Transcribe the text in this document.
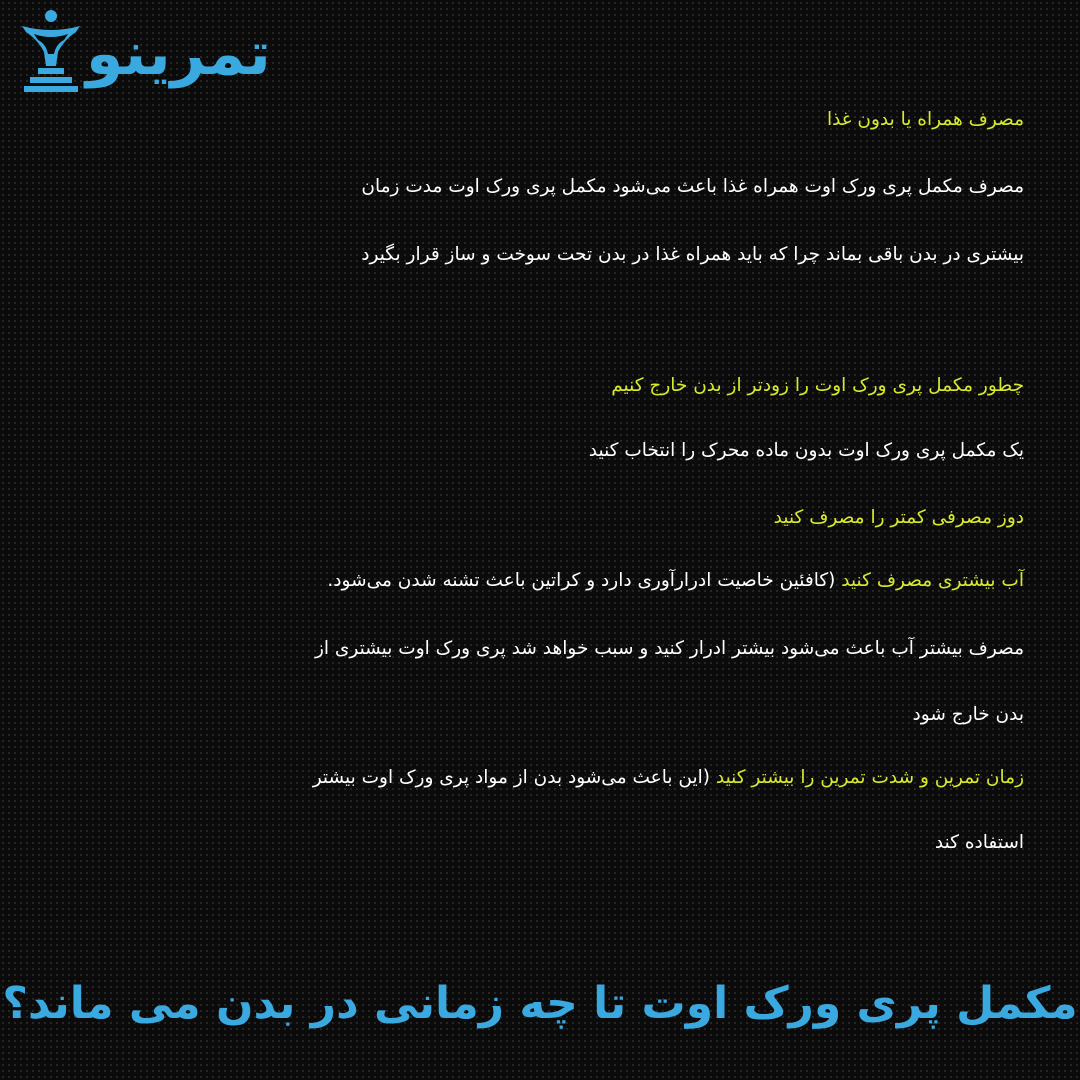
تمرینو
مصرف همراه یا بدون غذا
مصرف مکمل پری ورک اوت همراه غذا باعث می‌شود مکمل پری ورک اوت مدت زمان
بیشتری در بدن باقی بماند چرا که باید همراه غذا در بدن تحت سوخت و ساز قرار بگیرد
چطور مکمل پری ورک اوت را زودتر از بدن خارج کنیم
یک مکمل پری ورک اوت بدون ماده محرک را انتخاب کنید
دوز مصرفی کمتر را مصرف کنید
آب بیشتری مصرف کنید (کافئین خاصیت ادرارآوری دارد و کراتین باعث تشنه شدن می‌شود.
مصرف بیشتر آب باعث می‌شود بیشتر ادرار کنید و سبب خواهد شد پری ورک اوت بیشتری از
بدن خارج شود
زمان تمرین و شدت تمرین را بیشتر کنید (این باعث می‌شود بدن از مواد پری ورک اوت بیشتر
استفاده کند
مکمل پری ورک اوت تا چه زمانی در بدن می ماند؟
